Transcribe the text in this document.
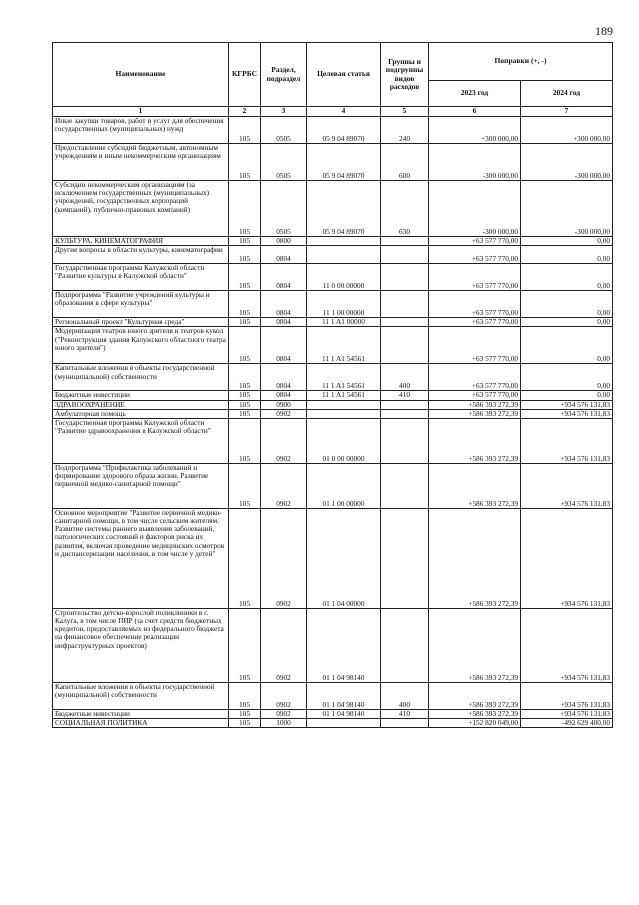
189
Наименование	КГРБС	Раздел, подраздел	Целевая статья	Группы и подгруппы видов расходов	Поправки (+, -)	
					2023 год	2024 год
1	2	3	4	5	6	7
Иные закупки товаров, работ и услуг для обеспечения государственных (муниципальных) нужд	105	0505	05 9 04 89070	240	+300 000,00	+300 000,00
Предоставление субсидий бюджетным, автономным учреждениям и иным некоммерческим организациям	105	0505	05 9 04 89070	600	-300 000,00	-300 000,00
Субсидии некоммерческим организациям (за исключением государственных (муниципальных) учреждений, государственных корпораций (компаний), публично-правовых компаний)	105	0505	05 9 04 89070	630	-300 000,00	-300 000,00
КУЛЬТУРА, КИНЕМАТОГРАФИЯ	105	0800			+63 577 770,00	0,00
Другие вопросы в области культуры, кинематографии	105	0804			+63 577 770,00	0,00
Государственная программа Калужской области "Развитие культуры в Калужской области"	105	0804	11 0 00 00000		+63 577 770,00	0,00
Подпрограмма "Развитие учреждений культуры и образования в сфере культуры"	105	0804	11 1 00 00000		+63 577 770,00	0,00
Региональный проект "Культурная среда"	105	0804	11 1 A1 00000		+63 577 770,00	0,00
Модернизация театров юного зрителя и театров кукол ("Реконструкция здания Калужского областного театра юного зрителя")	105	0804	11 1 A1 54561		+63 577 770,00	0,00
Капитальные вложения в объекты государственной (муниципальной) собственности	105	0804	11 1 A1 54561	400	+63 577 770,00	0,00
Бюджетные инвестиции	105	0804	11 1 A1 54561	410	+63 577 770,00	0,00
ЗДРАВООХРАНЕНИЕ	105	0900			+586 393 272,39	+934 576 131,83
Амбулаторная помощь	105	0902			+586 393 272,39	+934 576 131,83
Государственная программа Калужской области "Развитие здравоохранения в Калужской области"	105	0902	01 0 00 00000		+586 393 272,39	+934 576 131,83
Подпрограмма "Профилактика заболеваний и формирование здорового образа жизни. Развитие первичной медико-санитарной помощи"	105	0902	01 1 00 00000		+586 393 272,39	+934 576 131,83
Основное мероприятие "Развитие первичной медико-санитарной помощи, в том числе сельским жителям. Развитие системы раннего выявления заболеваний, патологических состояний и факторов риска их развития, включая проведение медицинских осмотров и диспансеризации населения, в том числе у детей"	105	0902	01 1 04 00000		+586 393 272,39	+934 576 131,83
Строительство детско-взрослой поликлиники в г. Калуга, в том числе ПИР (за счет средств бюджетных кредитов, предоставляемых из федерального бюджета на финансовое обеспечение реализации инфраструктурных проектов)	105	0902	01 1 04 98140		+586 393 272,39	+934 576 131,83
Капитальные вложения в объекты государственной (муниципальной) собственности	105	0902	01 1 04 98140	400	+586 393 272,39	+934 576 131,83
Бюджетные инвестиции	105	0902	01 1 04 98140	410	+586 393 272,39	+934 576 131,83
СОЦИАЛЬНАЯ ПОЛИТИКА	105	1000			+152 820 049,00	-492 629 400,00
